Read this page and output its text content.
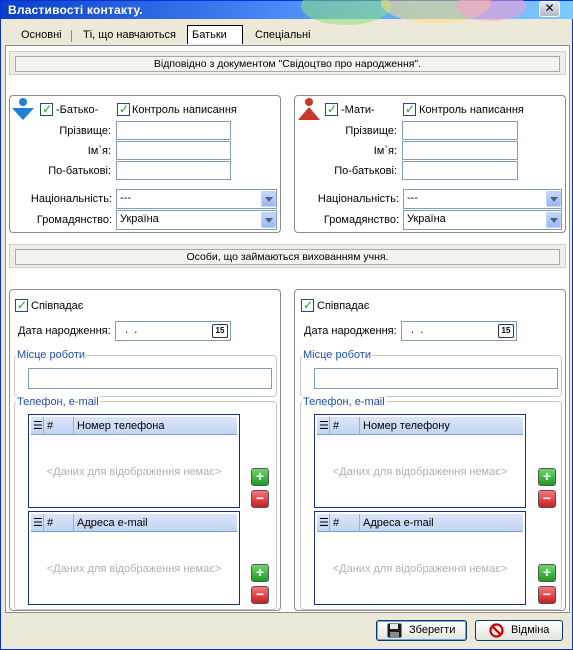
Властивості контакту.	✕
Основні	Ті, що навчаються	Батьки	Спеціальні
Відповідно з документом "Свідоцтво про народження".
✓ -Батько- ✓ Контроль написання
Прізвище:
Ім`я:
По-батькові:
Національність: ---
Громадянство: Україна
✓ -Мати-	✓ Контроль написання
Прізвище:
Ім`я:
По-батькові:
Національність: ---
Громадянство: Україна
Особи, що займаються вихованням учня.
✓ Співпадає
Дата народження: .  .	15
Місце роботи
Телефон, e-mail
☰ #	Номер телефона
<Даних для відображення немає>	+
−
☰ #	Адреса e-mail
<Даних для відображення немає>	+
−
✓ Співпадає
Дата народження: .  .	15
Місце роботи
Телефон, e-mail
☰ #	Номер телефону
<Даних для відображення немає>	+
−
☰ #	Адреса e-mail
<Даних для відображення немає>	+
−
Зберегти	Відміна
